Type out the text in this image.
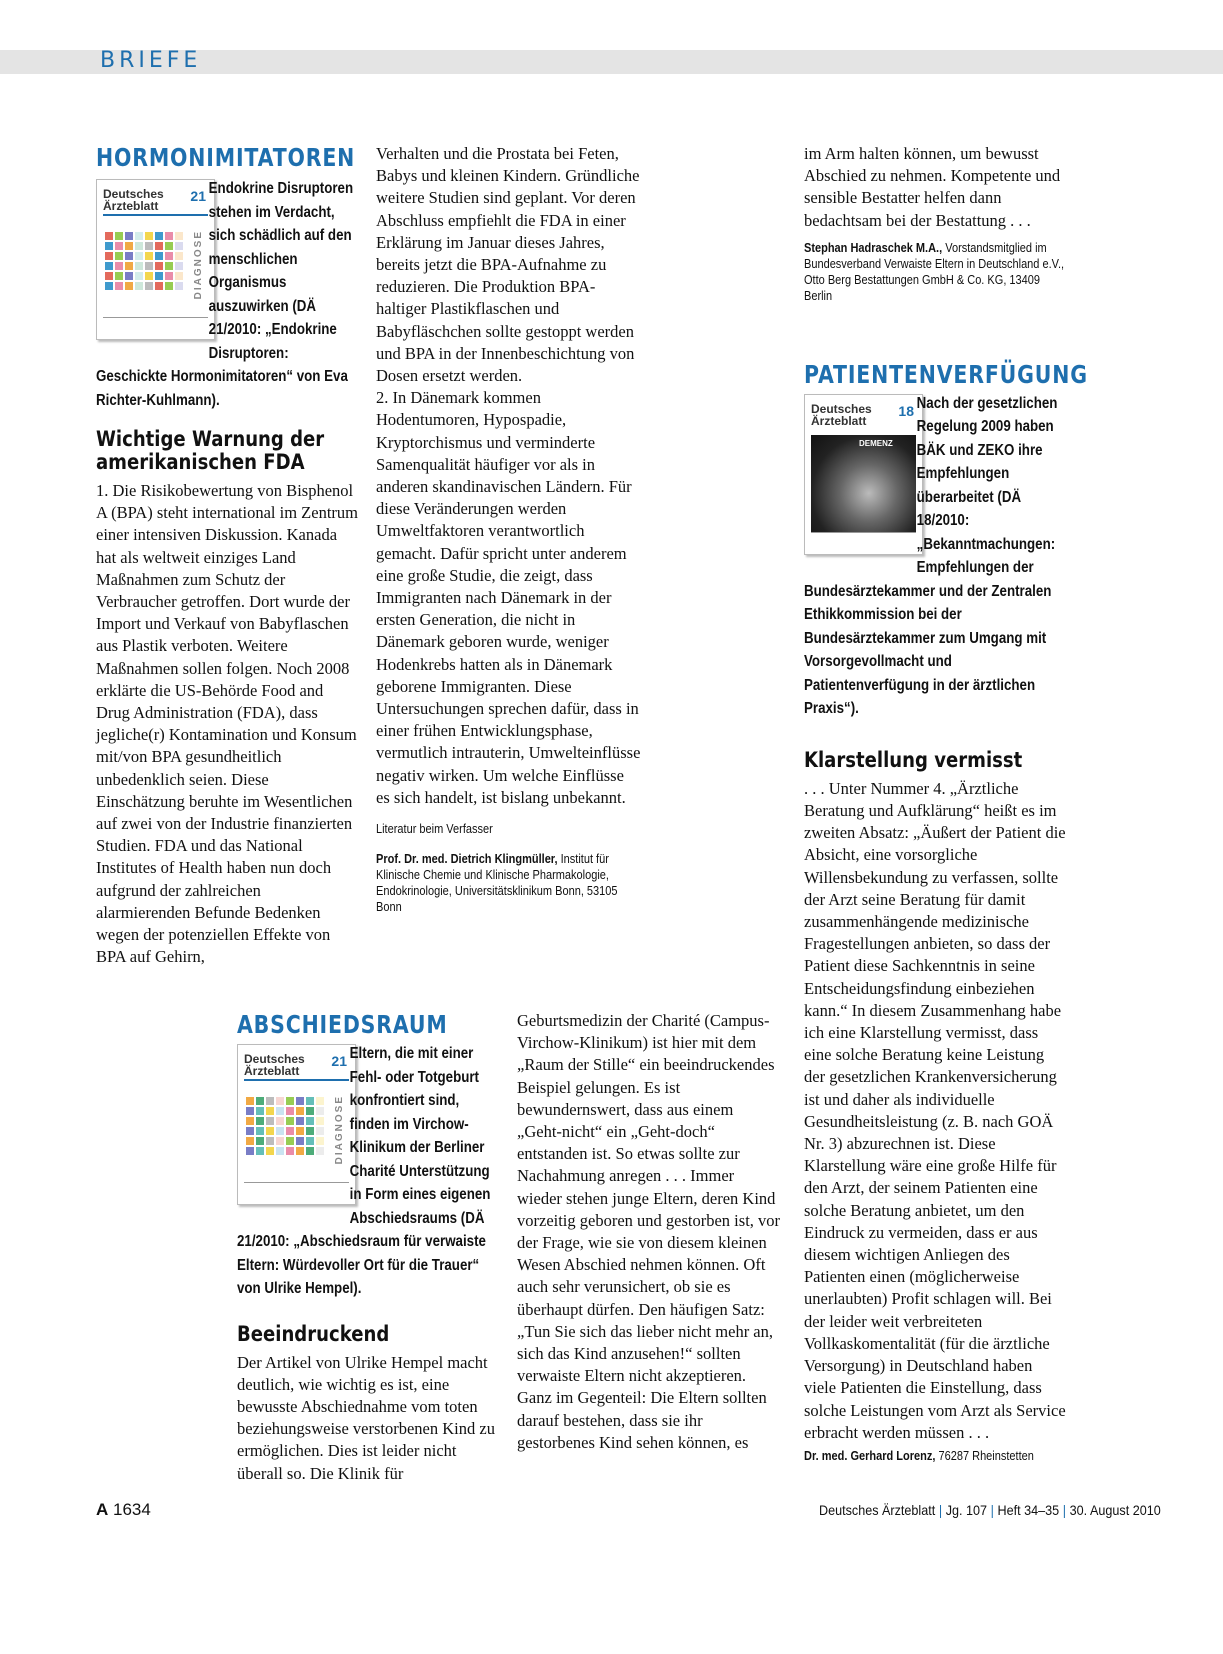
BRIEFE
HORMONIMITATOREN
Deutsches
Ärzteblatt
21
DIAGNOSE
Endokrine Disruptoren stehen im Verdacht, sich schädlich auf den menschlichen Organismus auszuwirken (DÄ 21/2010: „Endokrine Disruptoren: Geschickte Hormonimitatoren“ von Eva Richter-Kuhlmann).
Wichtige Warnung der amerikanischen FDA
1. Die Risikobewertung von Bisphenol A (BPA) steht international im Zentrum einer intensiven Diskussion. Kanada hat als weltweit einziges Land Maßnahmen zum Schutz der Verbraucher getroffen. Dort wurde der Import und Verkauf von Babyflaschen aus Plastik verboten. Weitere Maßnahmen sollen folgen. Noch 2008 erklärte die US-Behörde Food and Drug Administration (FDA), dass jegliche(r) Kontamination und Konsum mit/von BPA gesundheitlich unbedenklich seien. Diese Einschätzung beruhte im Wesentlichen auf zwei von der Industrie finanzierten Studien. FDA und das National Institutes of Health haben nun doch aufgrund der zahlreichen alarmierenden Befunde Bedenken wegen der potenziellen Effekte von BPA auf Gehirn,

Verhalten und die Prostata bei Feten, Babys und kleinen Kindern. Gründliche weitere Studien sind geplant. Vor deren Abschluss empfiehlt die FDA in einer Erklärung im Januar dieses Jahres, bereits jetzt die BPA-Aufnahme zu reduzieren. Die Produktion BPA-haltiger Plastikflaschen und Babyfläschchen sollte gestoppt werden und BPA in der Innenbeschichtung von Dosen ersetzt werden.

2. In Dänemark kommen Hodentumoren, Hypospadie, Kryptorchismus und verminderte Samenqualität häufiger vor als in anderen skandinavischen Ländern. Für diese Veränderungen werden Umweltfaktoren verantwortlich gemacht. Dafür spricht unter anderem eine große Studie, die zeigt, dass Immigranten nach Dänemark in der ersten Generation, die nicht in Dänemark geboren wurde, weniger Hodenkrebs hatten als in Dänemark geborene Immigranten. Diese Untersuchungen sprechen dafür, dass in einer frühen Entwicklungsphase, vermutlich intrauterin, Umwelteinflüsse negativ wirken. Um welche Einflüsse es sich handelt, ist bislang unbekannt.

Literatur beim Verfasser
Prof. Dr. med. Dietrich Klingmüller, Institut für Klinische Chemie und Klinische Pharmakologie, Endokrinologie, Universitätsklinikum Bonn, 53105 Bonn
im Arm halten können, um bewusst Abschied zu nehmen. Kompetente und sensible Bestatter helfen dann bedachtsam bei der Bestattung . . .
Stephan Hadraschek M.A., Vorstandsmitglied im Bundesverband Verwaiste Eltern in Deutschland e.V., Otto Berg Bestattungen GmbH & Co. KG, 13409 Berlin
PATIENTENVERFÜGUNG
Deutsches
Ärzteblatt
18
DEMENZ
Nach der gesetzlichen Regelung 2009 haben BÄK und ZEKO ihre Empfehlungen überarbeitet (DÄ 18/2010: „Bekanntmachungen: Empfehlungen der Bundesärztekammer und der Zentralen Ethikkommission bei der Bundesärztekammer zum Umgang mit Vorsorgevollmacht und Patientenverfügung in der ärztlichen Praxis“).
Klarstellung vermisst
. . . Unter Nummer 4. „Ärztliche Beratung und Aufklärung“ heißt es im zweiten Absatz: „Äußert der Patient die Absicht, eine vorsorgliche Willensbekundung zu verfassen, sollte der Arzt seine Beratung für damit zusammenhängende medizinische Fragestellungen anbieten, so dass der Patient diese Sachkenntnis in seine Entscheidungsfindung einbeziehen kann.“ In diesem Zusammenhang habe ich eine Klarstellung vermisst, dass eine solche Beratung keine Leistung der gesetzlichen Krankenversicherung ist und daher als individuelle Gesundheitsleistung (z. B. nach GOÄ Nr. 3) abzurechnen ist. Diese Klarstellung wäre eine große Hilfe für den Arzt, der seinem Patienten eine solche Beratung anbietet, um den Eindruck zu vermeiden, dass er aus diesem wichtigen Anliegen des Patienten einen (möglicherweise unerlaubten) Profit schlagen will. Bei der leider weit verbreiteten Vollkaskomentalität (für die ärztliche Versorgung) in Deutschland haben viele Patienten die Einstellung, dass solche Leistungen vom Arzt als Service erbracht werden müssen . . .
Dr. med. Gerhard Lorenz, 76287 Rheinstetten
ABSCHIEDSRAUM
Deutsches
Ärzteblatt
21
DIAGNOSE
Eltern, die mit einer Fehl- oder Totgeburt konfrontiert sind, finden im Virchow-Klinikum der Berliner Charité Unterstützung in Form eines eigenen Abschiedsraums (DÄ 21/2010: „Abschiedsraum für verwaiste Eltern: Würdevoller Ort für die Trauer“ von Ulrike Hempel).
Beeindruckend
Der Artikel von Ulrike Hempel macht deutlich, wie wichtig es ist, eine bewusste Abschiednahme vom toten beziehungsweise verstorbenen Kind zu ermöglichen. Dies ist leider nicht überall so. Die Klinik für
Geburtsmedizin der Charité (Campus-Virchow-Klinikum) ist hier mit dem „Raum der Stille“ ein beeindruckendes Beispiel gelungen. Es ist bewundernswert, dass aus einem „Geht-nicht“ ein „Geht-doch“ entstanden ist. So etwas sollte zur Nachahmung anregen . . . Immer wieder stehen junge Eltern, deren Kind vorzeitig geboren und gestorben ist, vor der Frage, wie sie von diesem kleinen Wesen Abschied nehmen können. Oft auch sehr verunsichert, ob sie es überhaupt dürfen. Den häufigen Satz: „Tun Sie sich das lieber nicht mehr an, sich das Kind anzusehen!“ sollten verwaiste Eltern nicht akzeptieren. Ganz im Gegenteil: Die Eltern sollten darauf bestehen, dass sie ihr gestorbenes Kind sehen können, es
A 1634	Deutsches Ärzteblatt | Jg. 107 | Heft 34–35 | 30. August 2010
